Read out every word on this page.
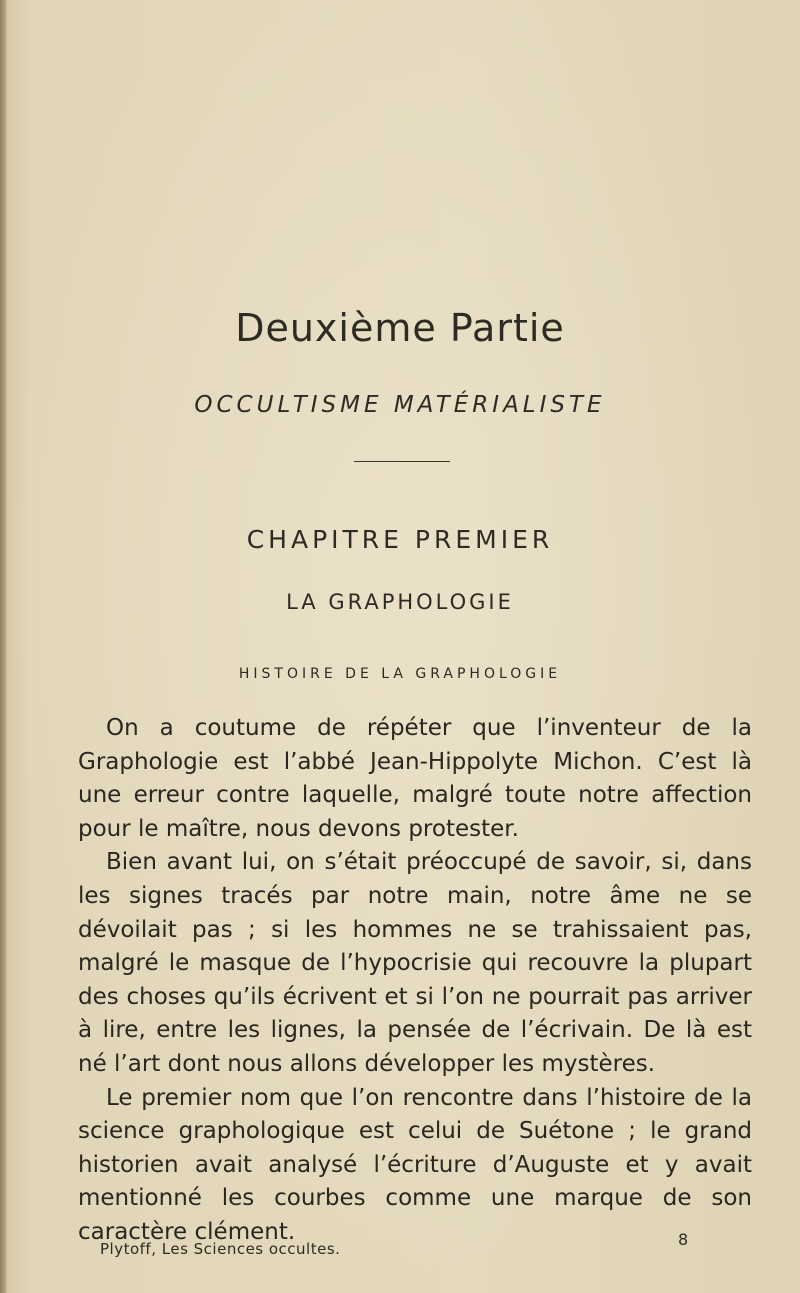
Deuxième Partie
OCCULTISME MATÉRIALISTE
CHAPITRE PREMIER
LA GRAPHOLOGIE
HISTOIRE DE LA GRAPHOLOGIE

On a coutume de répéter que l’inventeur de la Graphologie est l’abbé Jean-Hippolyte Michon. C’est là une erreur contre laquelle, malgré toute notre affection pour le maître, nous devons protester.

Bien avant lui, on s’était préoccupé de savoir, si, dans les signes tracés par notre main, notre âme ne se dévoilait pas ; si les hommes ne se trahissaient pas, malgré le masque de l’hypocrisie qui recouvre la plupart des choses qu’ils écrivent et si l’on ne pourrait pas arriver à lire, entre les lignes, la pensée de l’écrivain. De là est né l’art dont nous allons développer les mystères.

Le premier nom que l’on rencontre dans l’histoire de la science graphologique est celui de Suétone ; le grand historien avait analysé l’écriture d’Auguste et y avait mentionné les courbes comme une marque de son caractère clément.

Plytoff, Les Sciences occultes.	8
